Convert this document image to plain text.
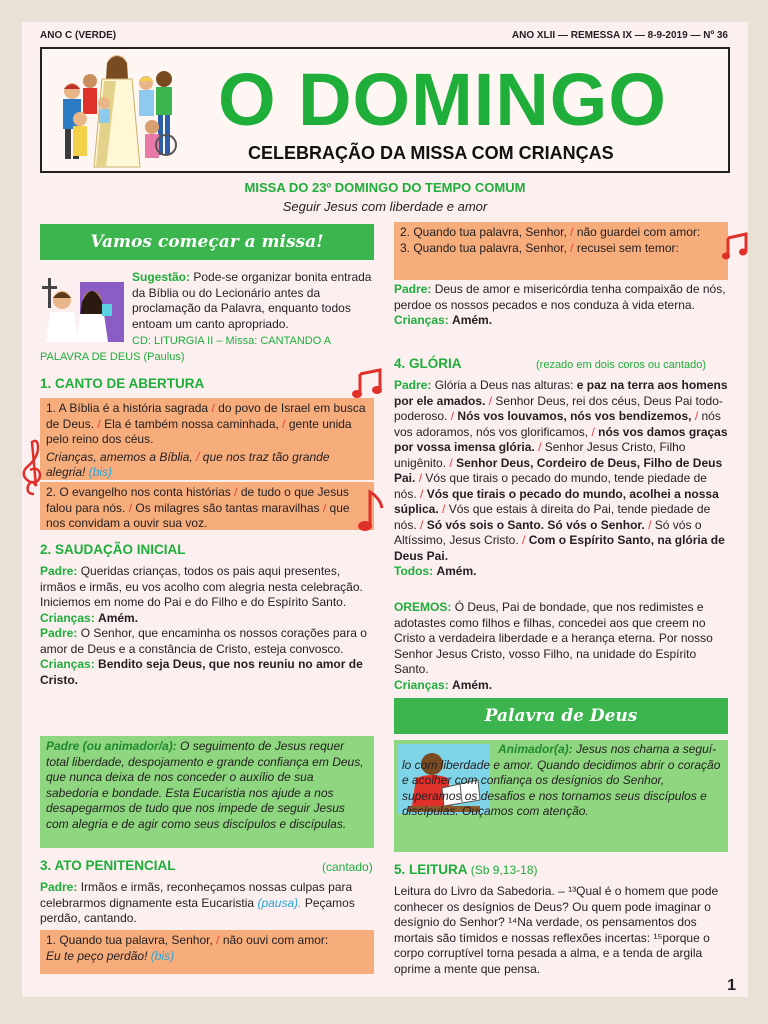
ANO C (VERDE)	ANO XLII — REMESSA IX — 8-9-2019 — Nº 36
O DOMINGO
CELEBRAÇÃO DA MISSA COM CRIANÇAS
MISSA DO 23º DOMINGO DO TEMPO COMUM
Seguir Jesus com liberdade e amor
Vamos começar a missa!
Sugestão: Pode-se organizar bonita entrada da Bíblia ou do Lecionário antes da proclamação da Palavra, enquanto todos entoam um canto apropriado.
CD: LITURGIA II – Missa: CANTANDO A PALAVRA DE DEUS (Paulus)
1. CANTO DE ABERTURA

1. A Bíblia é a história sagrada / do povo de Israel em busca de Deus. / Ela é também nossa caminhada, / gente unida pelo reino dos céus.

Crianças, amemos a Bíblia, / que nos traz tão grande alegria! (bis)

2. O evangelho nos conta histórias / de tudo o que Jesus falou para nós. / Os milagres são tantas maravilhas / que nos convidam a ouvir sua voz.

2. SAUDAÇÃO INICIAL

Padre: Queridas crianças, todos os pais aqui presentes, irmãos e irmãs, eu vos acolho com alegria nesta celebração. Iniciemos em nome do Pai e do Filho e do Espírito Santo.

Crianças: Amém.

Padre: O Senhor, que encaminha os nossos corações para o amor de Deus e a constância de Cristo, esteja convosco.

Crianças: Bendito seja Deus, que nos reuniu no amor de Cristo.

Padre (ou animador/a): O seguimento de Jesus requer total liberdade, despojamento e grande confiança em Deus, que nunca deixa de nos conceder o auxílio de sua sabedoria e bondade. Esta Eucaristia nos ajude a nos desapegarmos de tudo que nos impede de seguir Jesus com alegria e de agir como seus discípulos e discípulas.
3. ATO PENITENCIAL	(cantado)
Padre: Irmãos e irmãs, reconheçamos nossas culpas para celebrarmos dignamente esta Eucaristia (pausa). Peçamos perdão, cantando.

1. Quando tua palavra, Senhor, / não ouvi com amor:

Eu te peço perdão! (bis)

2. Quando tua palavra, Senhor, / não guardei com amor:

3. Quando tua palavra, Senhor, / recusei sem temor:

Padre: Deus de amor e misericórdia tenha compaixão de nós, perdoe os nossos pecados e nos conduza à vida eterna.

Crianças: Amém.

4. GLÓRIA	(rezado em dois coros ou cantado)
Padre: Glória a Deus nas alturas: e paz na terra aos homens por ele amados. / Senhor Deus, rei dos céus, Deus Pai todo-poderoso. / Nós vos louvamos, nós vos bendizemos, / nós vos adoramos, nós vos glorificamos, / nós vos damos graças por vossa imensa glória. / Senhor Jesus Cristo, Filho unigênito. / Senhor Deus, Cordeiro de Deus, Filho de Deus Pai. / Vós que tirais o pecado do mundo, tende piedade de nós. / Vós que tirais o pecado do mundo, acolhei a nossa súplica. / Vós que estais à direita do Pai, tende piedade de nós. / Só vós sois o Santo. Só vós o Senhor. / Só vós o Altíssimo, Jesus Cristo. / Com o Espírito Santo, na glória de Deus Pai.

Todos: Amém.

OREMOS: Ó Deus, Pai de bondade, que nos redimistes e adotastes como filhos e filhas, concedei aos que creem no Cristo a verdadeira liberdade e a herança eterna. Por nosso Senhor Jesus Cristo, vosso Filho, na unidade do Espírito Santo.

Crianças: Amém.

Palavra de Deus
Animador(a): Jesus nos chama a seguí-lo com liberdade e amor. Quando decidimos abrir o coração e acolher com confiança os desígnios do Senhor, superamos os desafios e nos tornamos seus discípulos e discípulas. Ouçamos com atenção.
5. LEITURA (Sb 9,13-18)
Leitura do Livro da Sabedoria. – ¹³Qual é o homem que pode conhecer os desígnios de Deus? Ou quem pode imaginar o desígnio do Senhor? ¹⁴Na verdade, os pensamentos dos mortais são tímidos e nossas reflexões incertas: ¹⁵porque o corpo corruptível torna pesada a alma, e a tenda de argila oprime a mente que pensa.
1
